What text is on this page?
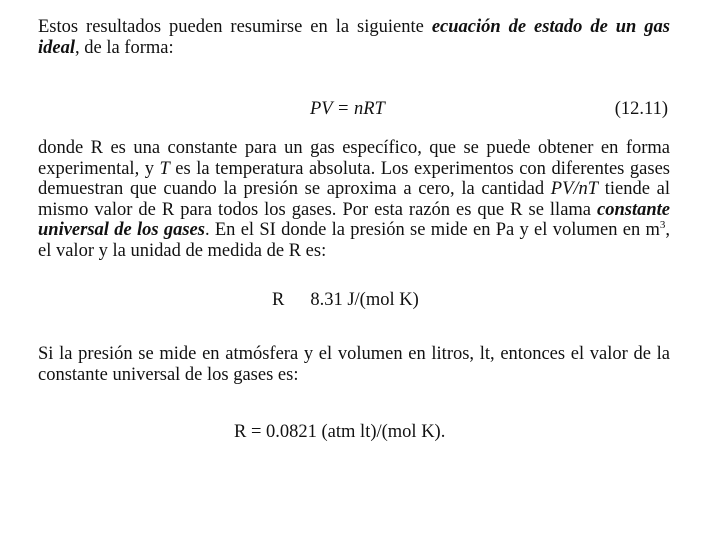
Estos resultados pueden resumirse en la siguiente ecuación de estado de un gas ideal, de la forma:

PV = nRT	(12.11)

donde R es una constante para un gas específico, que se puede obtener en forma experimental, y T es la temperatura absoluta. Los experimentos con diferentes gases demuestran que cuando la presión se aproxima a cero, la cantidad PV/nT tiende al mismo valor de R para todos los gases. Por esta razón es que R se llama constante universal de los gases. En el SI donde la presión se mide en Pa y el volumen en $m^3$, el valor y la unidad de medida de R es:

R 8.31 J/(mol K)

Si la presión se mide en atmósfera y el volumen en litros, lt, entonces el valor de la constante universal de los gases es:

R = 0.0821 (atm lt)/(mol K).
